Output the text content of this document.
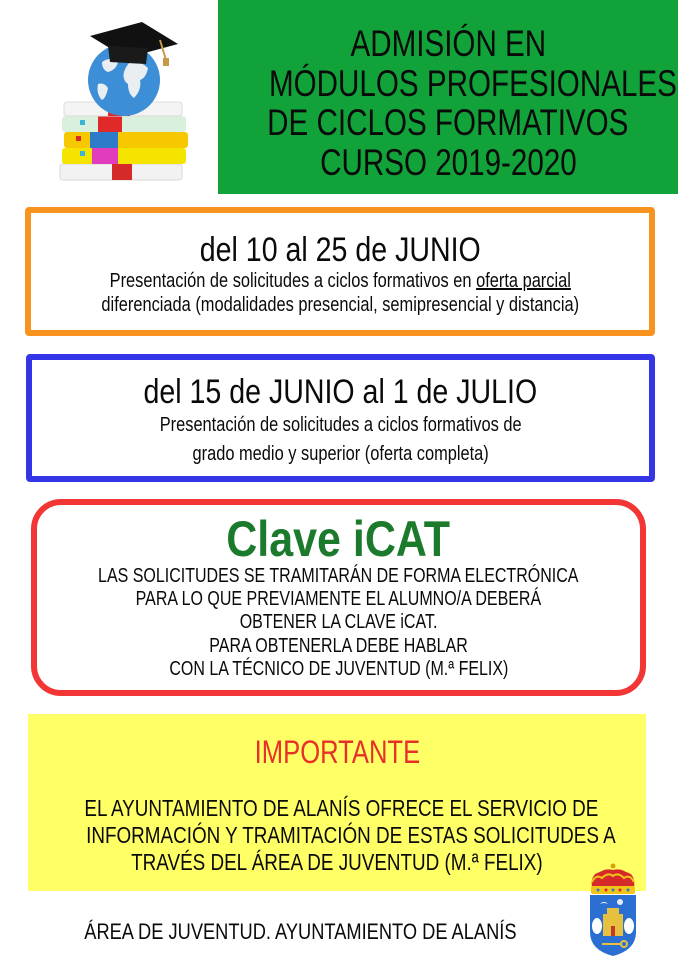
ADMISIÓN EN
MÓDULOS PROFESIONALES
DE CICLOS FORMATIVOS
CURSO 2019-2020
del 10 al 25 de JUNIO
Presentación de solicitudes a ciclos formativos en oferta parcial
diferenciada (modalidades presencial, semipresencial y distancia)
del 15 de JUNIO al 1 de JULIO
Presentación de solicitudes a ciclos formativos de
grado medio y superior (oferta completa)
Clave iCAT
LAS SOLICITUDES SE TRAMITARÁN DE FORMA ELECTRÓNICA
PARA LO QUE PREVIAMENTE EL ALUMNO/A DEBERÁ
OBTENER LA CLAVE iCAT.
PARA OBTENERLA DEBE HABLAR
CON LA TÉCNICO DE JUVENTUD (M.ª FELIX)
IMPORTANTE
EL AYUNTAMIENTO DE ALANÍS OFRECE EL SERVICIO DE
INFORMACIÓN Y TRAMITACIÓN DE ESTAS SOLICITUDES A
TRAVÉS DEL ÁREA DE JUVENTUD (M.ª FELIX)
ÁREA DE JUVENTUD. AYUNTAMIENTO DE ALANÍS
